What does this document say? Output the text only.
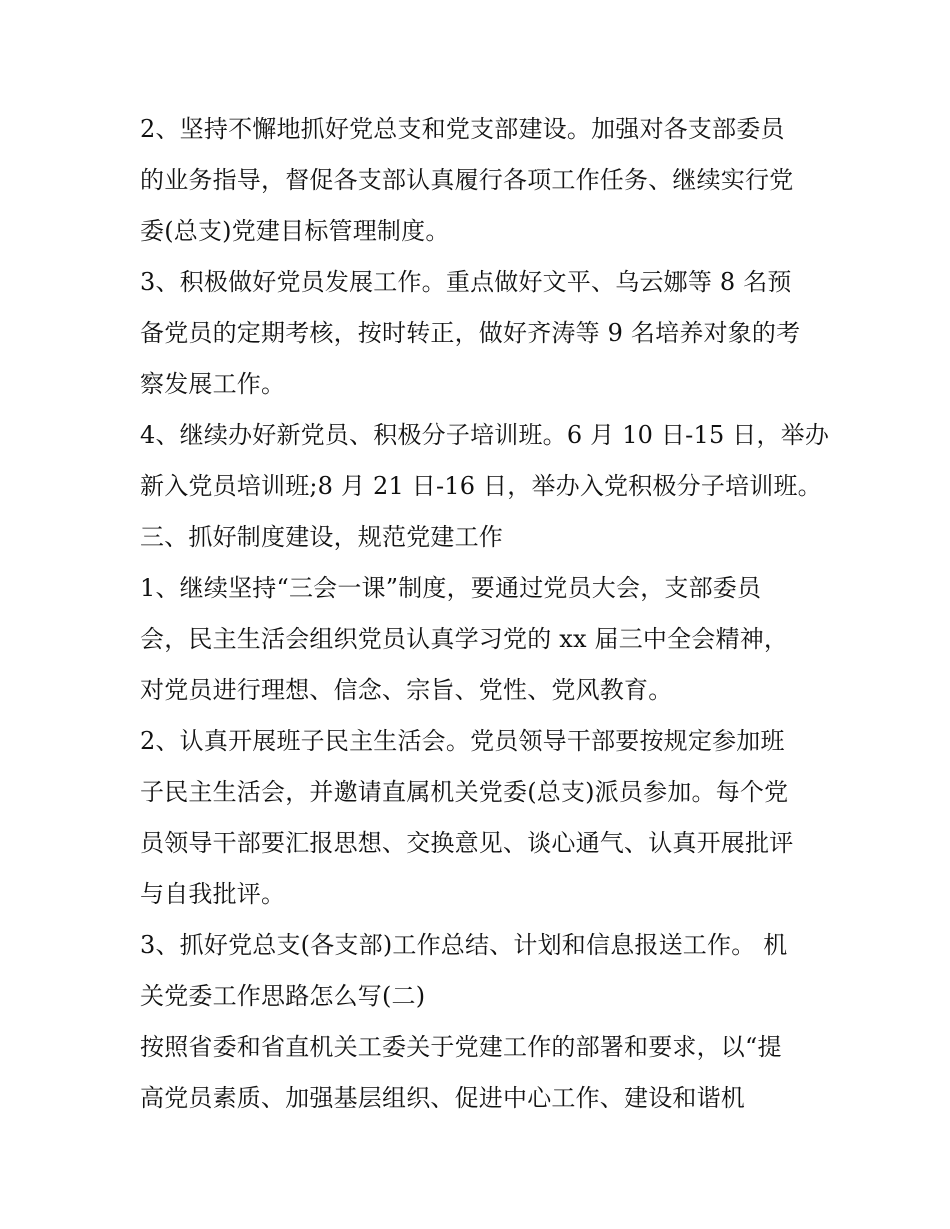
2、坚持不懈地抓好党总支和党支部建设。加强对各支部委员
的业务指导，督促各支部认真履行各项工作任务、继续实行党
委(总支)党建目标管理制度。
3、积极做好党员发展工作。重点做好文平、乌云娜等 8 名预
备党员的定期考核，按时转正，做好齐涛等 9 名培养对象的考
察发展工作。
4、继续办好新党员、积极分子培训班。6 月 10 日-15 日，举办
新入党员培训班;8 月 21 日-16 日，举办入党积极分子培训班。
三、抓好制度建设，规范党建工作
1、继续坚持“三会一课”制度，要通过党员大会，支部委员
会，民主生活会组织党员认真学习党的 xx 届三中全会精神，
对党员进行理想、信念、宗旨、党性、党风教育。
2、认真开展班子民主生活会。党员领导干部要按规定参加班
子民主生活会，并邀请直属机关党委(总支)派员参加。每个党
员领导干部要汇报思想、交换意见、谈心通气、认真开展批评
与自我批评。
3、抓好党总支(各支部)工作总结、计划和信息报送工作。 机
关党委工作思路怎么写(二)
按照省委和省直机关工委关于党建工作的部署和要求，以“提
高党员素质、加强基层组织、促进中心工作、建设和谐机
